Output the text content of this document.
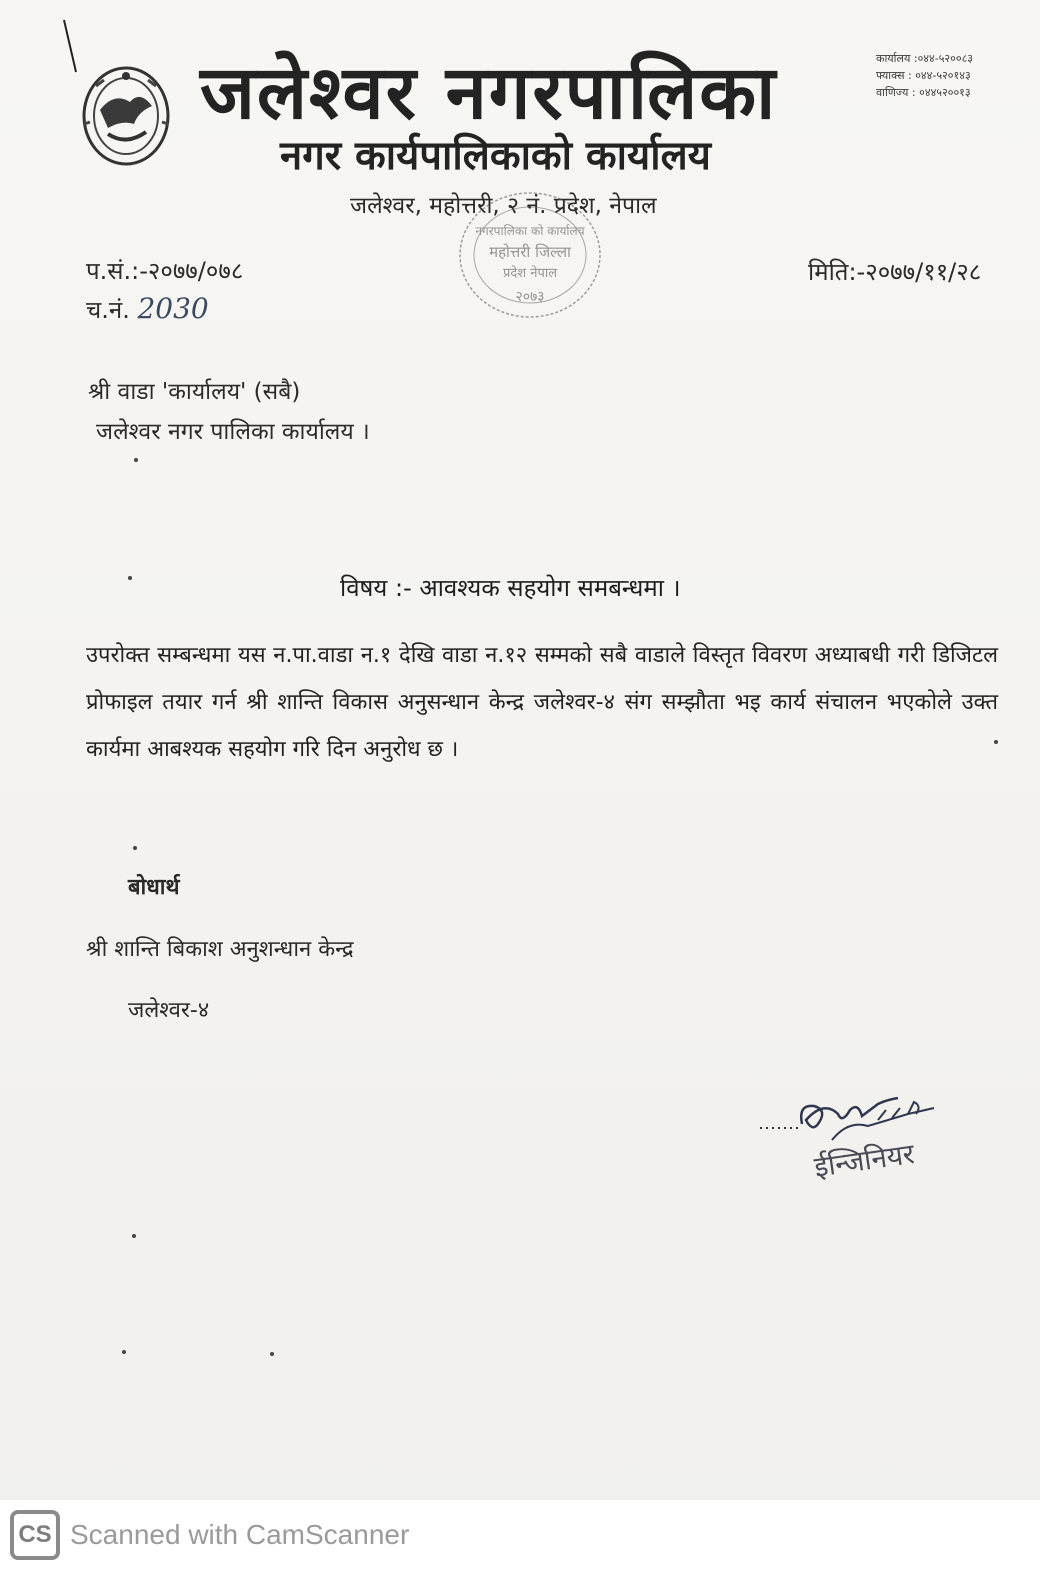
जलेश्वर नगरपालिका
नगर कार्यपालिकाको कार्यालय
जलेश्वर, महोत्तरी, २ नं. प्रदेश, नेपाल
कार्यालय :०४४-५२००८३
फ्याक्स : ०४४-५२०१४३
वाणिज्य : ०४४५२००१३
नगरपालिका को कार्यालय
महोत्तरी जिल्ला
प्रदेश नेपाल
२०७३
प.सं.:-२०७७/०७८
च.नं. 2030
मिति:-२०७७/११/२८
श्री वाडा 'कार्यालय' (सबै)
जलेश्वर नगर पालिका कार्यालय ।
विषय :- आवश्यक सहयोग समबन्धमा ।
उपरोक्त सम्बन्धमा यस न.पा.वाडा न.१ देखि वाडा न.१२ सम्मको सबै वाडाले विस्तृत विवरण अध्याबधी गरी डिजिटल प्रोफाइल तयार गर्न श्री शान्ति विकास अनुसन्धान केन्द्र जलेश्वर-४ संग सम्झौता भइ कार्य संचालन भएकोले उक्त कार्यमा आबश्यक सहयोग गरि दिन अनुरोध छ ।
बोधार्थ
श्री शान्ति बिकाश अनुशन्धान केन्द्र
जलेश्वर-४
ईन्जिनियर
CS Scanned with CamScanner
